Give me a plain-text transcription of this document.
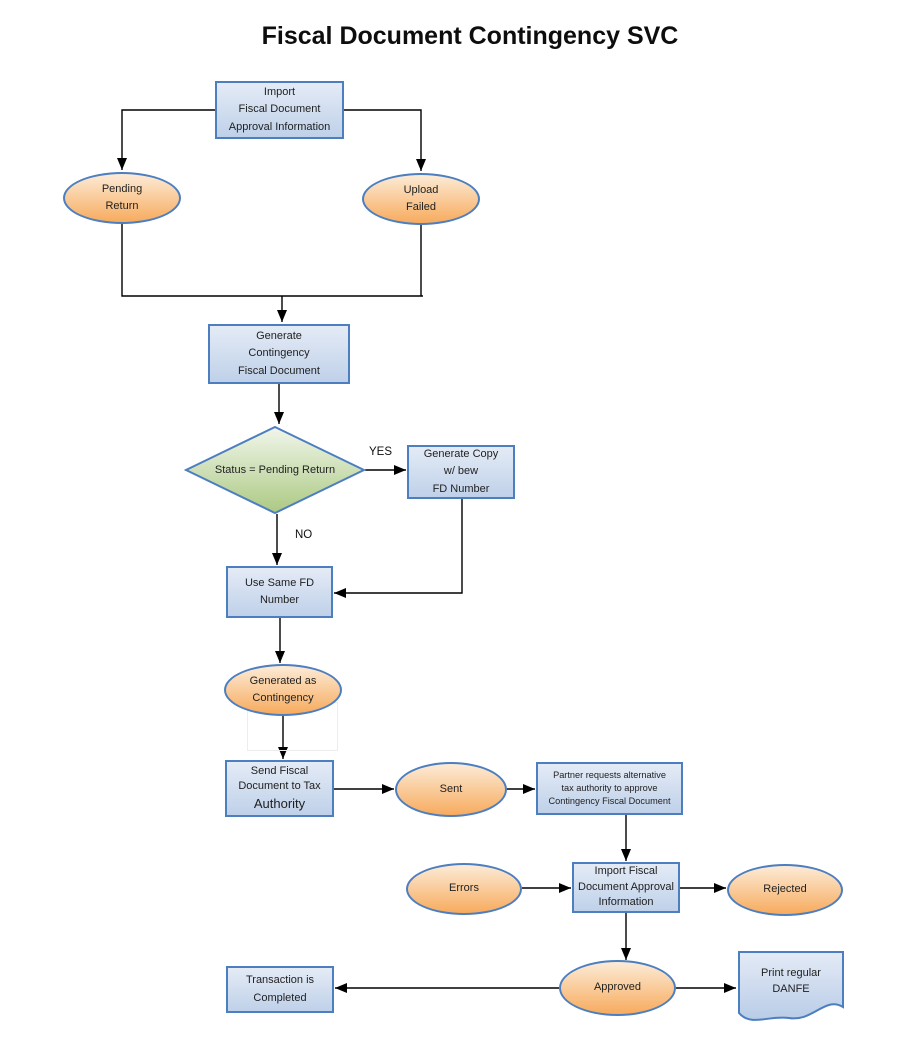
Fiscal Document Contingency SVC
Import
Fiscal Document
Approval Information
Pending
Return
Upload
Failed
Generate
Contingency
Fiscal Document
Status = Pending Return
YES
NO
Generate Copy
w/ bew
FD Number
Use Same FD
Number
Generated as
Contingency
Send Fiscal
Document to Tax
Authority
Sent
Partner requests alternative
tax authority to approve
Contingency Fiscal Document
Errors
Import Fiscal
Document Approval
Information
Rejected
Approved
Transaction is
Completed
Print regular
DANFE
